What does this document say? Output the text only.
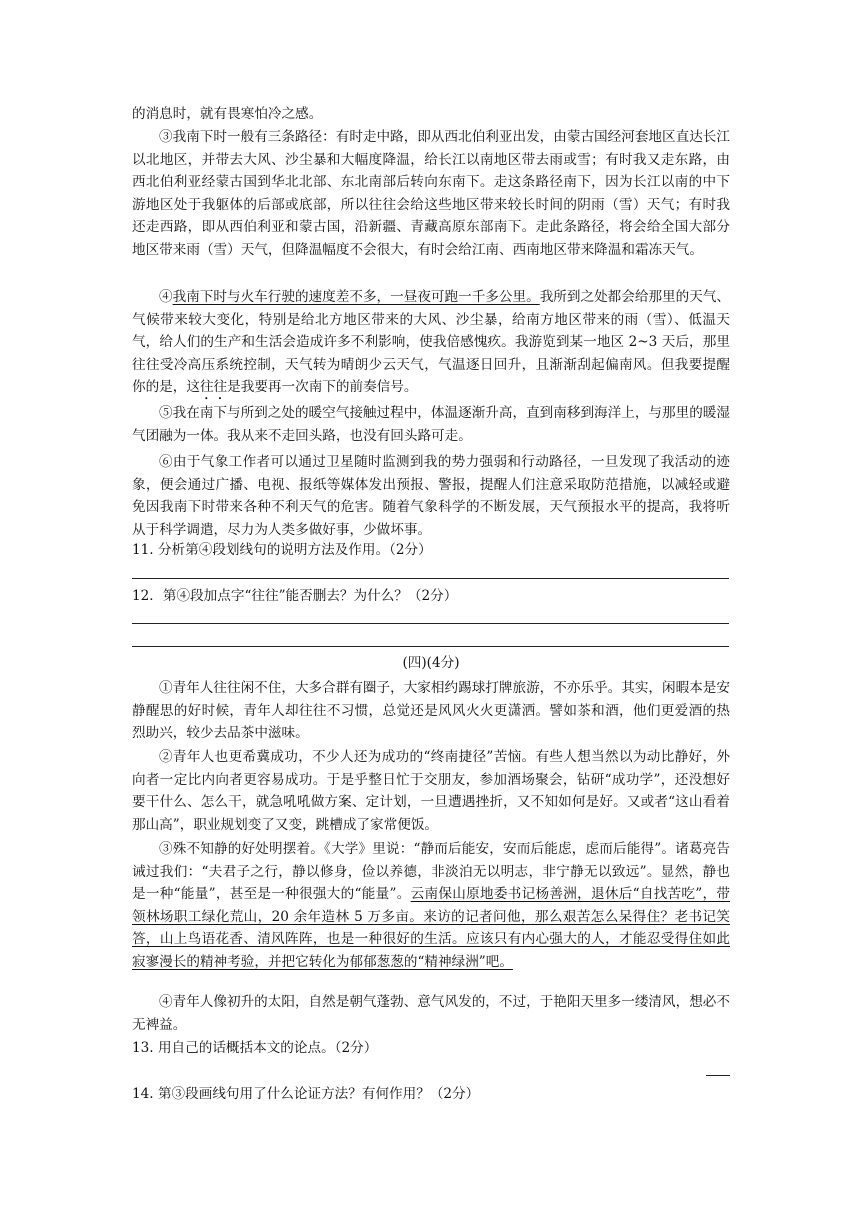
的消息时，就有畏寒怕冷之感。

③我南下时一般有三条路径：有时走中路，即从西北伯利亚出发，由蒙古国经河套地区直达长江以北地区，并带去大风、沙尘暴和大幅度降温，给长江以南地区带去雨或雪；有时我又走东路，由西北伯利亚经蒙古国到华北北部、东北南部后转向东南下。走这条路径南下，因为长江以南的中下游地区处于我躯体的后部或底部，所以往往会给这些地区带来较长时间的阴雨（雪）天气；有时我还走西路，即从西伯利亚和蒙古国，沿新疆、青藏高原东部南下。走此条路径，将会给全国大部分地区带来雨（雪）天气，但降温幅度不会很大，有时会给江南、西南地区带来降温和霜冻天气。

④我南下时与火车行驶的速度差不多，一昼夜可跑一千多公里。我所到之处都会给那里的天气、气候带来较大变化，特别是给北方地区带来的大风、沙尘暴，给南方地区带来的雨（雪）、低温天气，给人们的生产和生活会造成许多不利影响，使我倍感愧疚。我游览到某一地区 2~3 天后，那里往往受冷高压系统控制，天气转为晴朗少云天气，气温逐日回升，且渐渐刮起偏南风。但我要提醒你的是，这往往是我要再一次南下的前奏信号。

⑤我在南下与所到之处的暖空气接触过程中，体温逐渐升高，直到南移到海洋上，与那里的暖湿气团融为一体。我从来不走回头路，也没有回头路可走。

⑥由于气象工作者可以通过卫星随时监测到我的势力强弱和行动路径，一旦发现了我活动的迹象，便会通过广播、电视、报纸等媒体发出预报、警报，提醒人们注意采取防范措施，以减轻或避免因我南下时带来各种不利天气的危害。随着气象科学的不断发展，天气预报水平的提高，我将听从于科学调遣，尽力为人类多做好事，少做坏事。

11. 分析第④段划线句的说明方法及作用。（2分）

12．第④段加点字“往往”能否删去？为什么？（2分）

(四)(4分)

①青年人往往闲不住，大多合群有圈子，大家相约踢球打牌旅游，不亦乐乎。其实，闲暇本是安静醒思的好时候，青年人却往往不习惯，总觉还是风风火火更潇洒。譬如茶和酒，他们更爱酒的热烈助兴，较少去品茶中滋味。

②青年人也更希冀成功，不少人还为成功的“终南捷径”苦恼。有些人想当然以为动比静好，外向者一定比内向者更容易成功。于是乎整日忙于交朋友，参加酒场聚会，钻研“成功学”，还没想好要干什么、怎么干，就急吼吼做方案、定计划，一旦遭遇挫折，又不知如何是好。又或者“这山看着那山高”，职业规划变了又变，跳槽成了家常便饭。

③殊不知静的好处明摆着。《大学》里说：“静而后能安，安而后能虑，虑而后能得”。诸葛亮告诫过我们：“夫君子之行，静以修身，俭以养德，非淡泊无以明志，非宁静无以致远”。显然，静也是一种“能量”，甚至是一种很强大的“能量”。云南保山原地委书记杨善洲，退休后“自找苦吃”，带领林场职工绿化荒山，20 余年造林 5 万多亩。来访的记者问他，那么艰苦怎么呆得住？老书记笑答，山上鸟语花香、清风阵阵，也是一种很好的生活。应该只有内心强大的人，才能忍受得住如此寂寥漫长的精神考验，并把它转化为郁郁葱葱的“精神绿洲”吧。

④青年人像初升的太阳，自然是朝气蓬勃、意气风发的，不过，于艳阳天里多一缕清风，想必不无裨益。

13. 用自己的话概括本文的论点。（2分）

14. 第③段画线句用了什么论证方法？有何作用？（2分）
